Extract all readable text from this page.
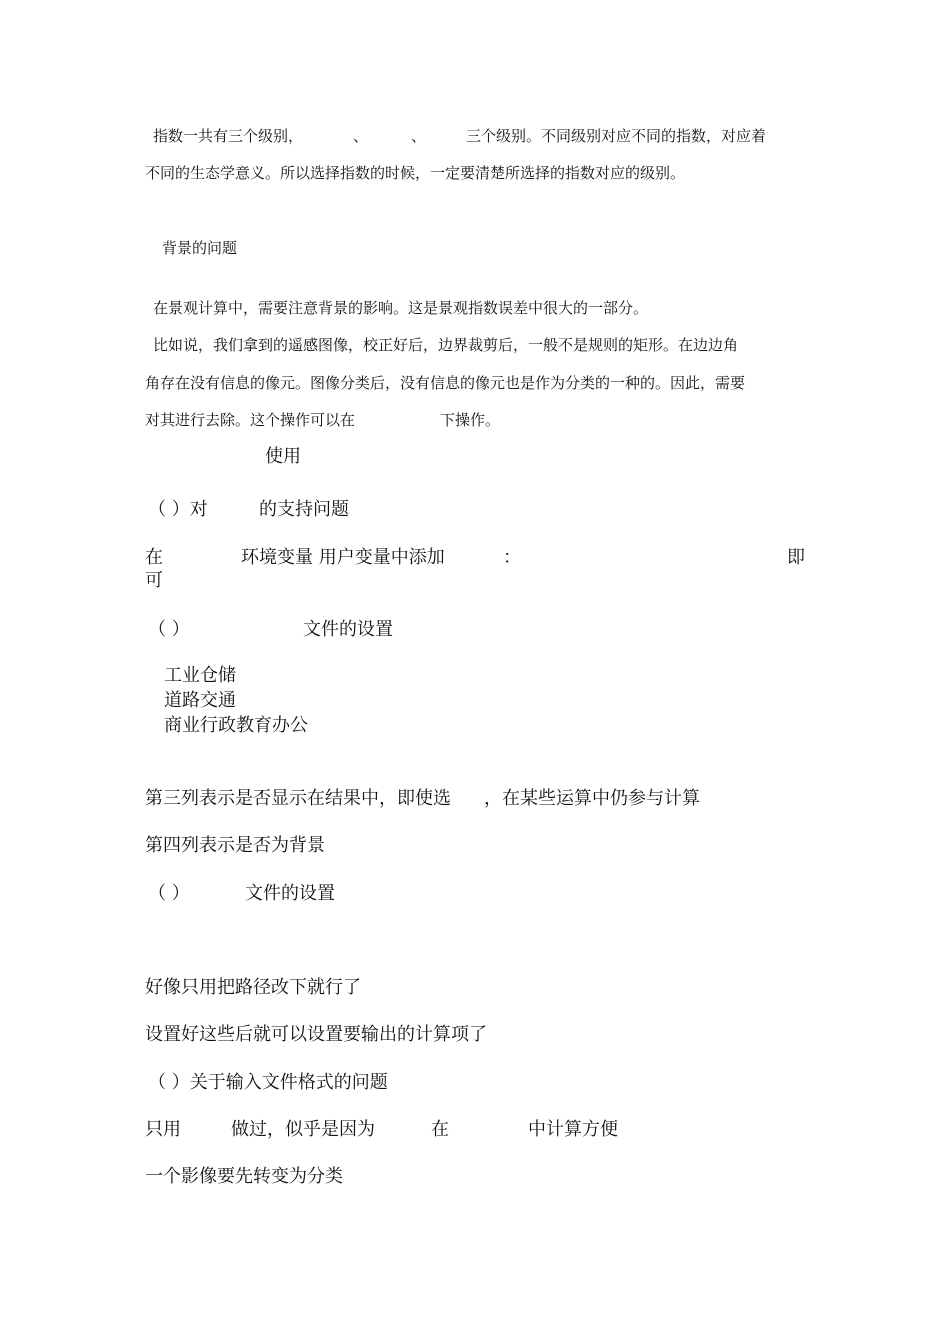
指数一共有三个级别，	、	、	三个级别。不同级别对应不同的指数，对应着
不同的生态学意义。所以选择指数的时候，一定要清楚所选择的指数对应的级别。
背景的问题
在景观计算中，需要注意背景的影响。这是景观指数误差中很大的一部分。
比如说，我们拿到的遥感图像，校正好后，边界裁剪后，一般不是规则的矩形。在边边角
角存在没有信息的像元。图像分类后，没有信息的像元也是作为分类的一种的。因此，需要
对其进行去除。这个操作可以在	下操作。
使用
（ ）对	的支持问题
在	环境变量 用户变量中添加	：	即
可
（ ）	文件的设置
工业仓储
道路交通
商业行政教育办公
第三列表示是否显示在结果中，即使选 ，在某些运算中仍参与计算
第四列表示是否为背景
（ ）	文件的设置
好像只用把路径改下就行了
设置好这些后就可以设置要输出的计算项了
（ ）关于输入文件格式的问题
只用	做过，似乎是因为	在	中计算方便
一个影像要先转变为分类
